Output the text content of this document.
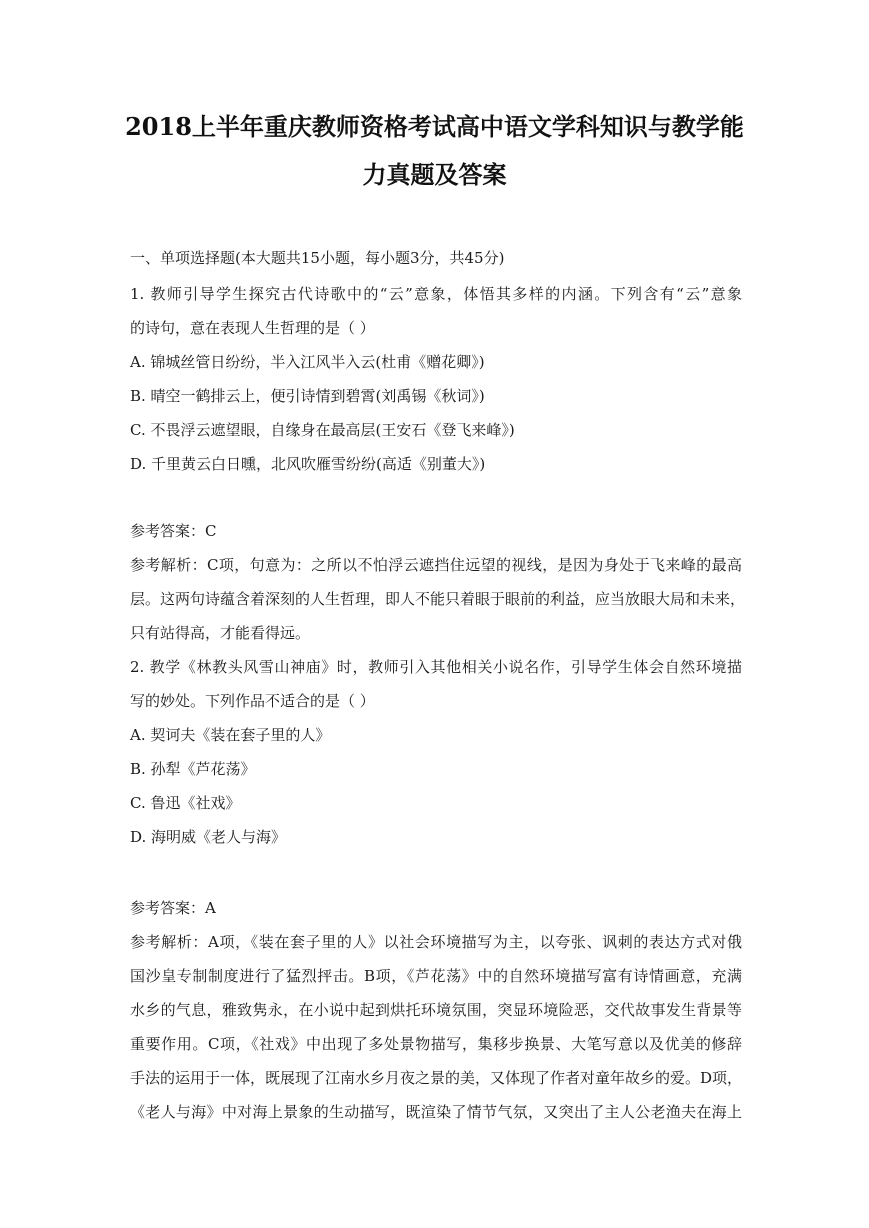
2018上半年重庆教师资格考试高中语文学科知识与教学能
力真题及答案
一、单项选择题(本大题共15小题，每小题3分，共45分)
1. 教师引导学生探究古代诗歌中的“云”意象，体悟其多样的内涵。下列含有“云”意象
的诗句，意在表现人生哲理的是（ ）
A. 锦城丝管日纷纷，半入江风半入云(杜甫《赠花卿》)
B. 晴空一鹤排云上，便引诗情到碧霄(刘禹锡《秋词》)
C. 不畏浮云遮望眼，自缘身在最高层(王安石《登飞来峰》)
D. 千里黄云白日曛，北风吹雁雪纷纷(高适《别董大》)
参考答案：C
参考解析：C项，句意为：之所以不怕浮云遮挡住远望的视线，是因为身处于飞来峰的最高
层。这两句诗蕴含着深刻的人生哲理，即人不能只着眼于眼前的利益，应当放眼大局和未来，
只有站得高，才能看得远。
2. 教学《林教头风雪山神庙》时，教师引入其他相关小说名作，引导学生体会自然环境描
写的妙处。下列作品不适合的是（ ）
A. 契诃夫《装在套子里的人》
B. 孙犁《芦花荡》
C. 鲁迅《社戏》
D. 海明威《老人与海》
参考答案：A
参考解析：A项，《装在套子里的人》以社会环境描写为主，以夸张、讽刺的表达方式对俄
国沙皇专制制度进行了猛烈抨击。B项，《芦花荡》中的自然环境描写富有诗情画意，充满
水乡的气息，雅致隽永，在小说中起到烘托环境氛围，突显环境险恶，交代故事发生背景等
重要作用。C项，《社戏》中出现了多处景物描写，集移步换景、大笔写意以及优美的修辞
手法的运用于一体，既展现了江南水乡月夜之景的美，又体现了作者对童年故乡的爱。D项，
《老人与海》中对海上景象的生动描写，既渲染了情节气氛，又突出了主人公老渔夫在海上
